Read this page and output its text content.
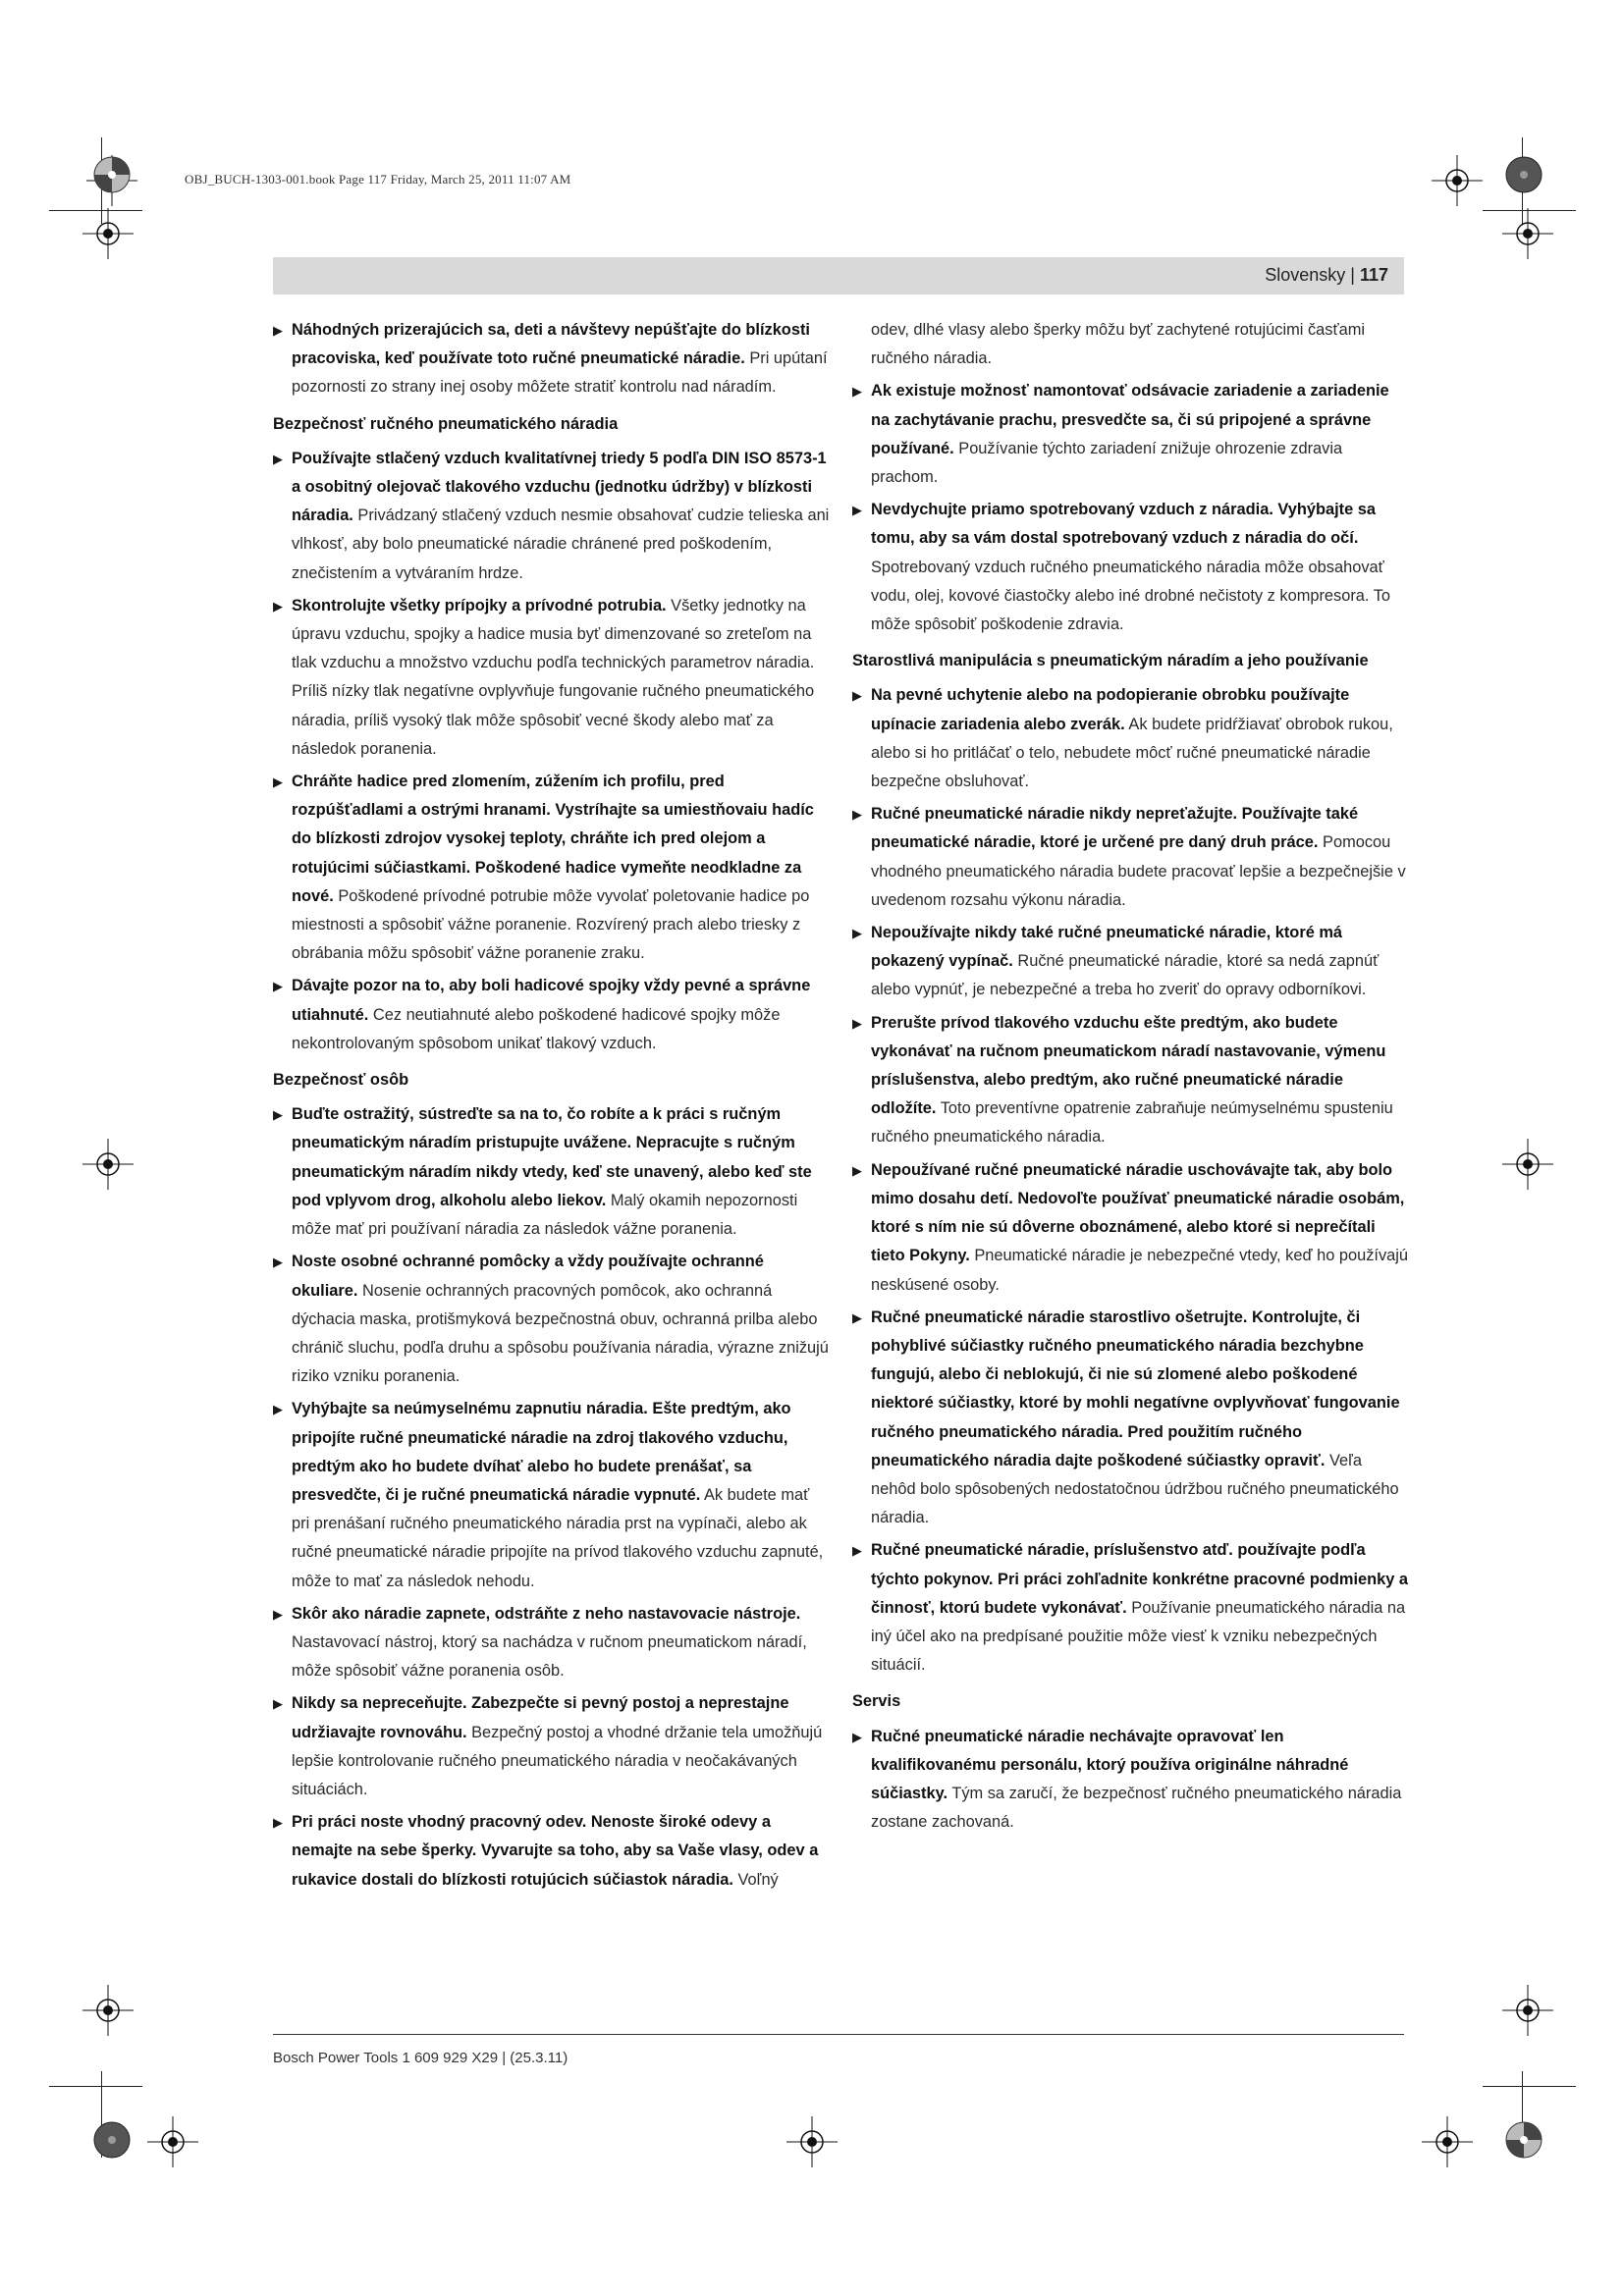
OBJ_BUCH-1303-001.book Page 117 Friday, March 25, 2011 11:07 AM
Slovensky | 117
▶ Náhodných prizerajúcich sa, deti a návštevy nepúšťajte do blízkosti pracoviska, keď používate toto ručné pneumatické náradie. Pri upútaní pozornosti zo strany inej osoby môžete stratiť kontrolu nad náradím.
Bezpečnosť ručného pneumatického náradia
▶ Používajte stlačený vzduch kvalitatívnej triedy 5 podľa DIN ISO 8573-1 a osobitný olejovač tlakového vzduchu (jednotku údržby) v blízkosti náradia. Privádzaný stlačený vzduch nesmie obsahovať cudzie telieska ani vlhkosť, aby bolo pneumatické náradie chránené pred poškodením, znečistením a vytváraním hrdze.
▶ Skontrolujte všetky prípojky a prívodné potrubia. Všetky jednotky na úpravu vzduchu, spojky a hadice musia byť dimenzované so zreteľom na tlak vzduchu a množstvo vzduchu podľa technických parametrov náradia. Príliš nízky tlak negatívne ovplyvňuje fungovanie ručného pneumatického náradia, príliš vysoký tlak môže spôsobiť vecné škody alebo mať za následok poranenia.
▶ Chráňte hadice pred zlomením, zúžením ich profilu, pred rozpúšťadlami a ostrými hranami. Vystríhajte sa umiestňovaiu hadíc do blízkosti zdrojov vysokej teploty, chráňte ich pred olejom a rotujúcimi súčiastkami. Poškodené hadice vymeňte neodkladne za nové. Poškodené prívodné potrubie môže vyvolať poletovanie hadice po miestnosti a spôsobiť vážne poranenie. Rozvírený prach alebo triesky z obrábania môžu spôsobiť vážne poranenie zraku.
▶ Dávajte pozor na to, aby boli hadicové spojky vždy pevné a správne utiahnuté. Cez neutiahnuté alebo poškodené hadicové spojky môže nekontrolovaným spôsobom unikať tlakový vzduch.
Bezpečnosť osôb
▶ Buďte ostražitý, sústreďte sa na to, čo robíte a k práci s ručným pneumatickým náradím pristupujte uvážene. Nepracujte s ručným pneumatickým náradím nikdy vtedy, keď ste unavený, alebo keď ste pod vplyvom drog, alkoholu alebo liekov. Malý okamih nepozornosti môže mať pri používaní náradia za následok vážne poranenia.
▶ Noste osobné ochranné pomôcky a vždy používajte ochranné okuliare. Nosenie ochranných pracovných pomôcok, ako ochranná dýchacia maska, protišmyková bezpečnostná obuv, ochranná prilba alebo chránič sluchu, podľa druhu a spôsobu používania náradia, výrazne znižujú riziko vzniku poranenia.
▶ Vyhýbajte sa neúmyselnému zapnutiu náradia. Ešte predtým, ako pripojíte ručné pneumatické náradie na zdroj tlakového vzduchu, predtým ako ho budete dvíhať alebo ho budete prenášať, sa presvedčte, či je ručné pneumatická náradie vypnuté. Ak budete mať pri prenášaní ručného pneumatického náradia prst na vypínači, alebo ak ručné pneumatické náradie pripojíte na prívod tlakového vzduchu zapnuté, môže to mať za následok nehodu.
▶ Skôr ako náradie zapnete, odstráňte z neho nastavovacie nástroje. Nastavovací nástroj, ktorý sa nachádza v ručnom pneumatickom náradí, môže spôsobiť vážne poranenia osôb.
▶ Nikdy sa nepreceňujte. Zabezpečte si pevný postoj a neprestajne udržiavajte rovnováhu. Bezpečný postoj a vhodné držanie tela umožňujú lepšie kontrolovanie ručného pneumatického náradia v neočakávaných situáciách.
▶ Pri práci noste vhodný pracovný odev. Nenoste široké odevy a nemajte na sebe šperky. Vyvarujte sa toho, aby sa Vaše vlasy, odev a rukavice dostali do blízkosti rotujúcich súčiastok náradia. Voľný
odev, dlhé vlasy alebo šperky môžu byť zachytené rotujúcimi časťami ručného náradia.
▶ Ak existuje možnosť namontovať odsávacie zariadenie a zariadenie na zachytávanie prachu, presvedčte sa, či sú pripojené a správne používané. Používanie týchto zariadení znižuje ohrozenie zdravia prachom.
▶ Nevdychujte priamo spotrebovaný vzduch z náradia. Vyhýbajte sa tomu, aby sa vám dostal spotrebovaný vzduch z náradia do očí. Spotrebovaný vzduch ručného pneumatického náradia môže obsahovať vodu, olej, kovové čiastočky alebo iné drobné nečistoty z kompresora. To môže spôsobiť poškodenie zdravia.
Starostlivá manipulácia s pneumatickým náradím a jeho používanie
▶ Na pevné uchytenie alebo na podopieranie obrobku používajte upínacie zariadenia alebo zverák. Ak budete pridŕžiavať obrobok rukou, alebo si ho pritláčať o telo, nebudete môcť ručné pneumatické náradie bezpečne obsluhovať.
▶ Ručné pneumatické náradie nikdy nepreťažujte. Používajte také pneumatické náradie, ktoré je určené pre daný druh práce. Pomocou vhodného pneumatického náradia budete pracovať lepšie a bezpečnejšie v uvedenom rozsahu výkonu náradia.
▶ Nepoužívajte nikdy také ručné pneumatické náradie, ktoré má pokazený vypínač. Ručné pneumatické náradie, ktoré sa nedá zapnúť alebo vypnúť, je nebezpečné a treba ho zveriť do opravy odborníkovi.
▶ Prerušte prívod tlakového vzduchu ešte predtým, ako budete vykonávať na ručnom pneumatickom náradí nastavovanie, výmenu príslušenstva, alebo predtým, ako ručné pneumatické náradie odložíte. Toto preventívne opatrenie zabraňuje neúmyselnému spusteniu ručného pneumatického náradia.
▶ Nepoužívané ručné pneumatické náradie uschovávajte tak, aby bolo mimo dosahu detí. Nedovoľte používať pneumatické náradie osobám, ktoré s ním nie sú dôverne oboznámené, alebo ktoré si neprečítali tieto Pokyny. Pneumatické náradie je nebezpečné vtedy, keď ho používajú neskúsené osoby.
▶ Ručné pneumatické náradie starostlivo ošetrujte. Kontrolujte, či pohyblivé súčiastky ručného pneumatického náradia bezchybne fungujú, alebo či neblokujú, či nie sú zlomené alebo poškodené niektoré súčiastky, ktoré by mohli negatívne ovplyvňovať fungovanie ručného pneumatického náradia. Pred použitím ručného pneumatického náradia dajte poškodené súčiastky opraviť. Veľa nehôd bolo spôsobených nedostatočnou údržbou ručného pneumatického náradia.
▶ Ručné pneumatické náradie, príslušenstvo atď. používajte podľa týchto pokynov. Pri práci zohľadnite konkrétne pracovné podmienky a činnosť, ktorú budete vykonávať. Používanie pneumatického náradia na iný účel ako na predpísané použitie môže viesť k vzniku nebezpečných situácií.
Servis
▶ Ručné pneumatické náradie nechávajte opravovať len kvalifikovanému personálu, ktorý používa originálne náhradné súčiastky. Tým sa zaručí, že bezpečnosť ručného pneumatického náradia zostane zachovaná.
Bosch Power Tools 1 609 929 X29 | (25.3.11)
